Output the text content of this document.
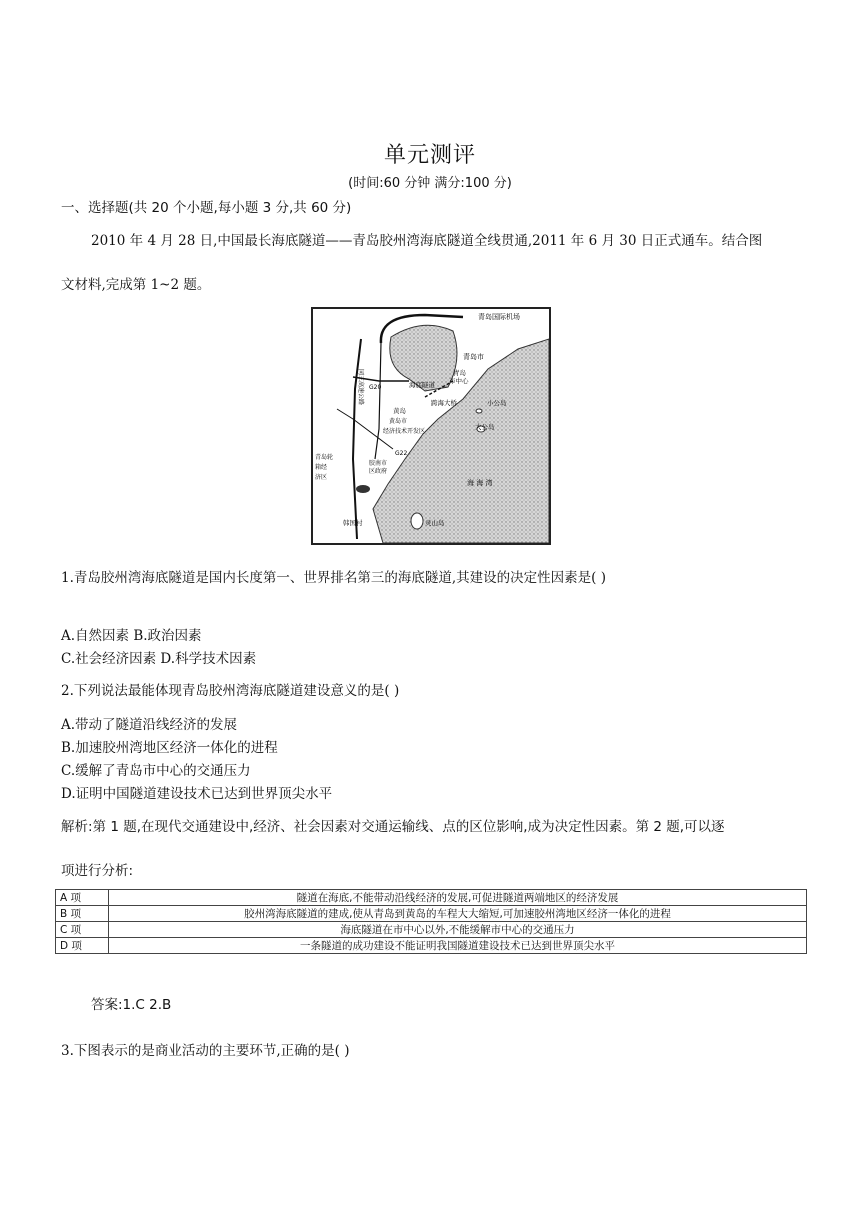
单元测评
(时间:60 分钟 满分:100 分)
一、选择题(共 20 个小题,每小题 3 分,共 60 分)
2010 年 4 月 28 日,中国最长海底隧道——青岛胶州湾海底隧道全线贯通,2011 年 6 月 30 日正式通车。结合图
文材料,完成第 1~2 题。
青岛国际机场
青岛市
青岛
市中心
海底隧道
跨海大桥	小公岛
黄岛
黄岛市
经济技术开发区
大公岛
胶南市
区政府
青岛轮
箱经
济区
海 海 湾
韩国村	灵山岛
G20
G22
同三高速公路
1.青岛胶州湾海底隧道是国内长度第一、世界排名第三的海底隧道,其建设的决定性因素是( )
A.自然因素 B.政治因素
C.社会经济因素 D.科学技术因素
2.下列说法最能体现青岛胶州湾海底隧道建设意义的是( )
A.带动了隧道沿线经济的发展
B.加速胶州湾地区经济一体化的进程
C.缓解了青岛市中心的交通压力
D.证明中国隧道建设技术已达到世界顶尖水平
解析:第 1 题,在现代交通建设中,经济、社会因素对交通运输线、点的区位影响,成为决定性因素。第 2 题,可以逐
项进行分析:
A 项	隧道在海底,不能带动沿线经济的发展,可促进隧道两端地区的经济发展
B 项	胶州湾海底隧道的建成,使从青岛到黄岛的车程大大缩短,可加速胶州湾地区经济一体化的进程
C 项	海底隧道在市中心以外,不能缓解市中心的交通压力
D 项	一条隧道的成功建设不能证明我国隧道建设技术已达到世界顶尖水平
答案:1.C 2.B
3.下图表示的是商业活动的主要环节,正确的是( )
